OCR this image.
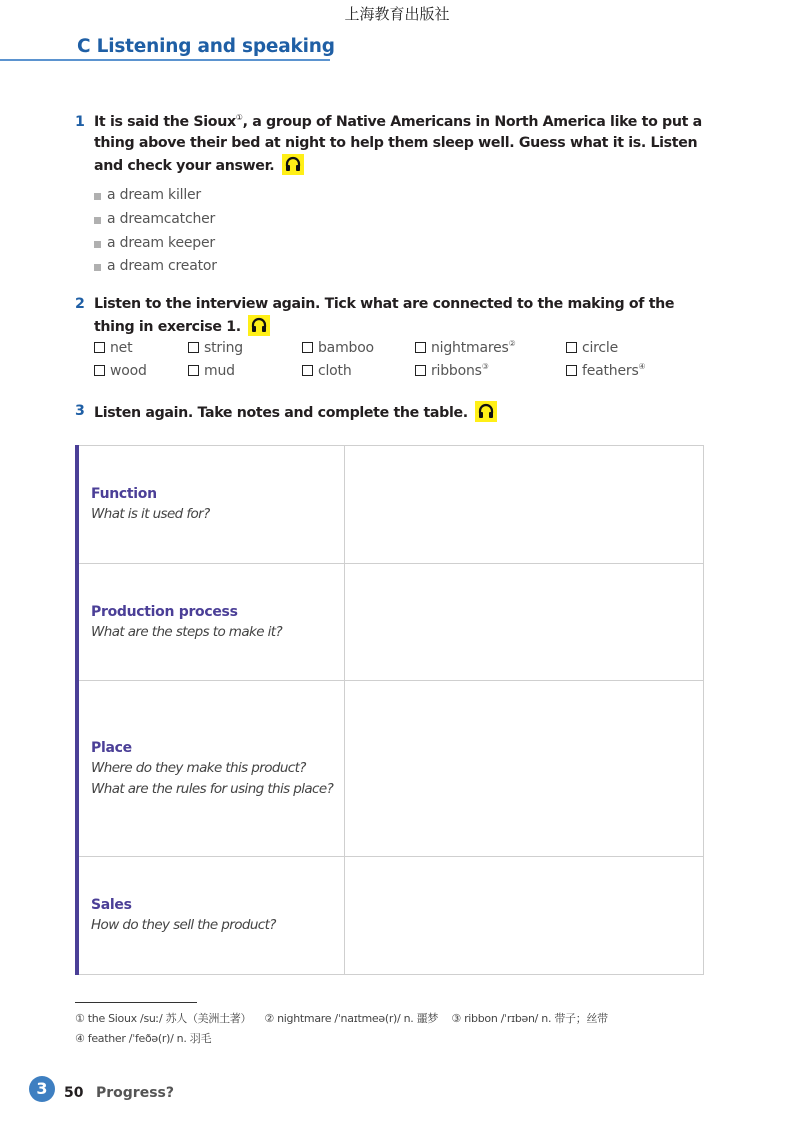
上海教育出版社
C Listening and speaking
1 It is said the Sioux①, a group of Native Americans in North America like to put a thing above their bed at night to help them sleep well. Guess what it is. Listen and check your answer.
a dream killer
a dreamcatcher
a dream keeper
a dream creator
2 Listen to the interview again. Tick what are connected to the making of the thing in exercise 1.
net	string	bamboo	nightmares②	circle
wood	mud	cloth	ribbons③	feathers④
3 Listen again. Take notes and complete the table.
Function
What is it used for?	

Production process
What are the steps to make it?	

Place
Where do they make this product? What are the rules for using this place?	

Sales
How do they sell the product?	

① the Sioux /suː/ 苏人（美洲土著） ② nightmare /ˈnaɪtmeə(r)/ n. 噩梦 ③ ribbon /ˈrɪbən/ n. 带子；丝带
④ feather /ˈfeðə(r)/ n. 羽毛
3	50 Progress?
